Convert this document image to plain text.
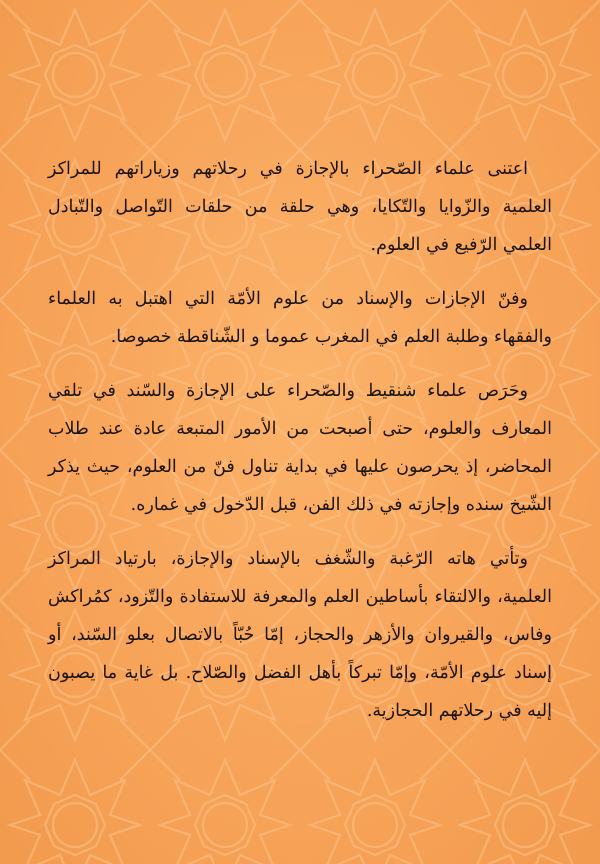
اعتنى علماء الصّحراء بالإجازة في رحلاتهم وزياراتهم للمراكز العلمية والزّوايا والتّكايا، وهي حلقة من حلقات التّواصل والتّبادل العلمي الرّفيع في العلوم.

وفنّ الإجازات والإسناد من علوم الأمّة التي اهتبل به العلماء والفقهاء وطلبة العلم في المغرب عموما و الشّناقطة خصوصا.

وحَرَص علماء شنقيط والصّحراء على الإجازة والسّند في تلقي المعارف والعلوم، حتى أصبحت من الأمور المتبعة عادة عند طلاب المحاضر، إذ يحرصون عليها في بداية تناول فنّ من العلوم، حيث يذكر الشّيخ سنده وإجازته في ذلك الفن، قبل الدّخول في غماره.

وتأتي هاته الرّغبة والشّغف بالإسناد والإجازة، بارتياد المراكز العلمية، والالتقاء بأساطين العلم والمعرفة للاستفادة والتّزود، كمُراكش وفاس، والقيروان والأزهر والحجاز، إمّا حُبّاً بالاتصال بعلو السّند، أو إسناد علوم الأمّة، وإمّا تبركاً بأهل الفضل والصّلاح. بل غاية ما يصبون إليه في رحلاتهم الحجازية.
